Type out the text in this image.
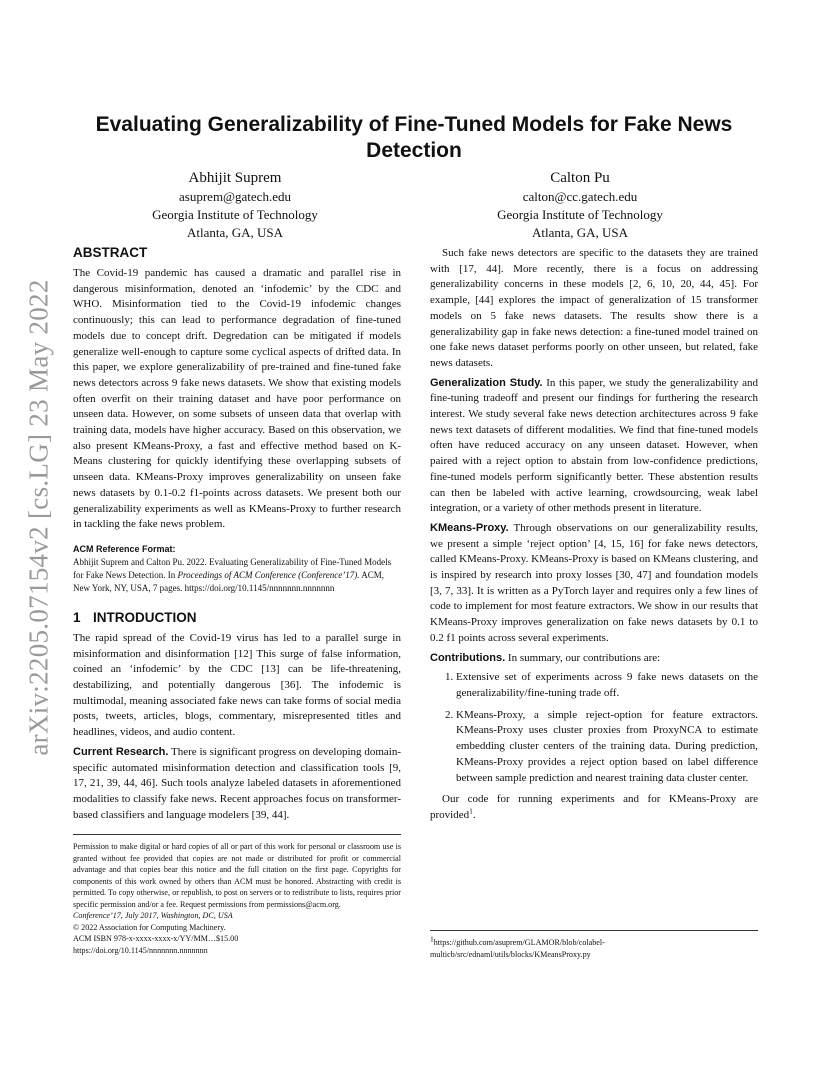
arXiv:2205.07154v2 [cs.LG] 23 May 2022
Evaluating Generalizability of Fine-Tuned Models for Fake News Detection
Abhijit Suprem
asuprem@gatech.edu
Georgia Institute of Technology
Atlanta, GA, USA
Calton Pu
calton@cc.gatech.edu
Georgia Institute of Technology
Atlanta, GA, USA
ABSTRACT

The Covid-19 pandemic has caused a dramatic and parallel rise in dangerous misinformation, denoted an ‘infodemic’ by the CDC and WHO. Misinformation tied to the Covid-19 infodemic changes continuously; this can lead to performance degradation of fine-tuned models due to concept drift. Degredation can be mitigated if models generalize well-enough to capture some cyclical aspects of drifted data. In this paper, we explore generalizability of pre-trained and fine-tuned fake news detectors across 9 fake news datasets. We show that existing models often overfit on their training dataset and have poor performance on unseen data. However, on some subsets of unseen data that overlap with training data, models have higher accuracy. Based on this observation, we also present KMeans-Proxy, a fast and effective method based on K-Means clustering for quickly identifying these overlapping subsets of unseen data. KMeans-Proxy improves generalizability on unseen fake news datasets by 0.1-0.2 f1-points across datasets. We present both our generalizability experiments as well as KMeans-Proxy to further research in tackling the fake news problem.

ACM Reference Format:

Abhijit Suprem and Calton Pu. 2022. Evaluating Generalizability of Fine-Tuned Models for Fake News Detection. In Proceedings of ACM Conference (Conference’17). ACM, New York, NY, USA, 7 pages. https://doi.org/10.1145/nnnnnnn.nnnnnnn

1 INTRODUCTION

The rapid spread of the Covid-19 virus has led to a parallel surge in misinformation and disinformation [12] This surge of false information, coined an ‘infodemic’ by the CDC [13] can be life-threatening, destabilizing, and potentially dangerous [36]. The infodemic is multimodal, meaning associated fake news can take forms of social media posts, tweets, articles, blogs, commentary, misrepresented titles and headlines, videos, and audio content.

Current Research. There is significant progress on developing domain-specific automated misinformation detection and classification tools [9, 17, 21, 39, 44, 46]. Such tools analyze labeled datasets in aforementioned modalities to classify fake news. Recent approaches focus on transformer-based classifiers and language modelers [39, 44].

Such fake news detectors are specific to the datasets they are trained with [17, 44]. More recently, there is a focus on addressing generalizability concerns in these models [2, 6, 10, 20, 44, 45]. For example, [44] explores the impact of generalization of 15 transformer models on 5 fake news datasets. The results show there is a generalizability gap in fake news detection: a fine-tuned model trained on one fake news dataset performs poorly on other unseen, but related, fake news datasets.

Generalization Study. In this paper, we study the generalizability and fine-tuning tradeoff and present our findings for furthering the research interest. We study several fake news detection architectures across 9 fake news text datasets of different modalities. We find that fine-tuned models often have reduced accuracy on any unseen dataset. However, when paired with a reject option to abstain from low-confidence predictions, fine-tuned models perform significantly better. These abstention results can then be labeled with active learning, crowdsourcing, weak label integration, or a variety of other methods present in literature.

KMeans-Proxy. Through observations on our generalizability results, we present a simple ‘reject option’ [4, 15, 16] for fake news detectors, called KMeans-Proxy. KMeans-Proxy is based on KMeans clustering, and is inspired by research into proxy losses [30, 47] and foundation models [3, 7, 33]. It is written as a PyTorch layer and requires only a few lines of code to implement for most feature extractors. We show in our results that KMeans-Proxy improves generalization on fake news datasets by 0.1 to 0.2 f1 points across several experiments.

Contributions. In summary, our contributions are:

1. Extensive set of experiments across 9 fake news datasets on the generalizability/fine-tuning trade off.
2. KMeans-Proxy, a simple reject-option for feature extractors. KMeans-Proxy uses cluster proxies from ProxyNCA to estimate embedding cluster centers of the training data. During prediction, KMeans-Proxy provides a reject option based on label difference between sample prediction and nearest training data cluster center.

Our code for running experiments and for KMeans-Proxy are provided$^1$.

Permission to make digital or hard copies of all or part of this work for personal or classroom use is granted without fee provided that copies are not made or distributed for profit or commercial advantage and that copies bear this notice and the full citation on the first page. Copyrights for components of this work owned by others than ACM must be honored. Abstracting with credit is permitted. To copy otherwise, or republish, to post on servers or to redistribute to lists, requires prior specific permission and/or a fee. Request permissions from permissions@acm.org.

Conference’17, July 2017, Washington, DC, USA

© 2022 Association for Computing Machinery.

ACM ISBN 978-x-xxxx-xxxx-x/YY/MM…$15.00

https://doi.org/10.1145/nnnnnnn.nnnnnnn

1https://github.com/asuprem/GLAMOR/blob/colabel-multicb/src/ednaml/utils/blocks/KMeansProxy.py
